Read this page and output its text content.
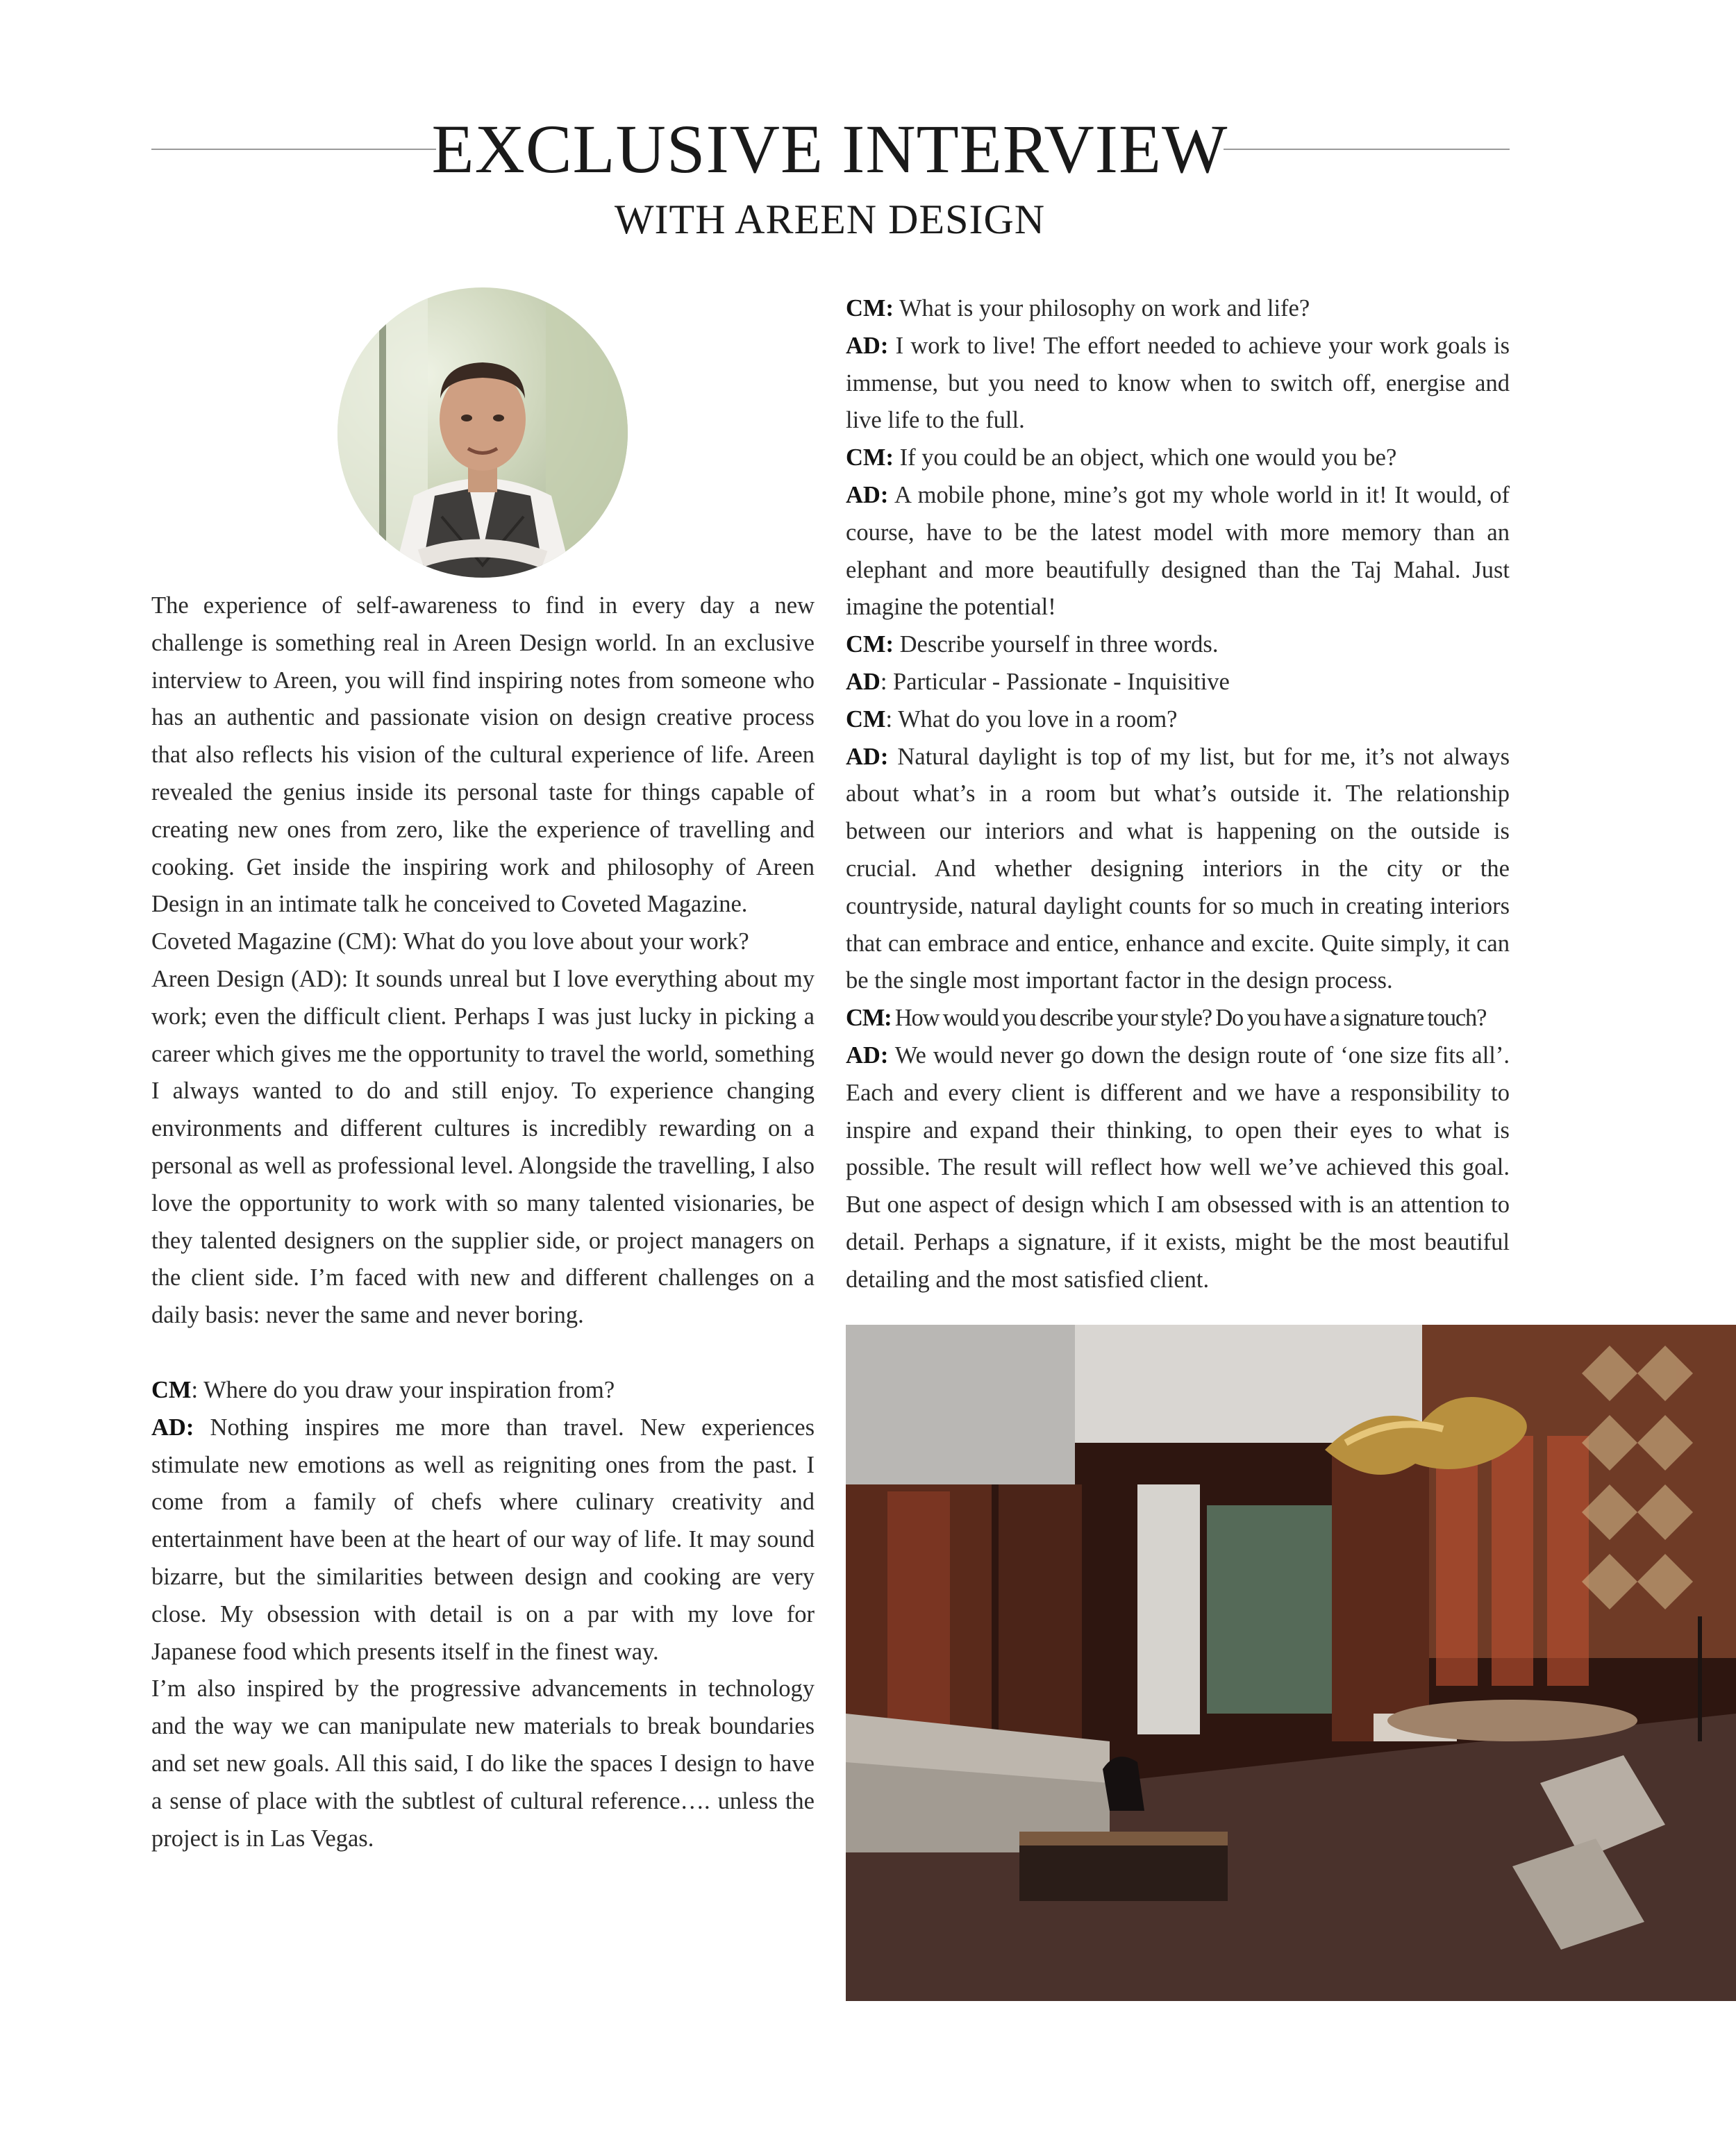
EXCLUSIVE INTERVIEW
WITH AREEN DESIGN

The experience of self-awareness to find in every day a new challenge is something real in Areen Design world. In an exclusive interview to Areen, you will find inspiring notes from someone who has an authentic and passionate vision on design creative process that also reflects his vision of the cultural experience of life. Areen revealed the genius inside its personal taste for things capable of creating new ones from zero, like the experience of travelling and cooking. Get inside the inspiring work and philosophy of Areen Design in an intimate talk he conceived to Coveted Magazine.

Coveted Magazine (CM): What do you love about your work?

Areen Design (AD): It sounds unreal but I love everything about my work; even the difficult client. Perhaps I was just lucky in picking a career which gives me the opportunity to travel the world, something I always wanted to do and still enjoy. To experience changing environments and different cultures is incredibly rewarding on a personal as well as professional level. Alongside the travelling, I also love the opportunity to work with so many talented visionaries, be they talented designers on the supplier side, or project managers on the client side. I’m faced with new and different challenges on a daily basis: never the same and never boring.

CM: Where do you draw your inspiration from?

AD: Nothing inspires me more than travel. New experiences stimulate new emotions as well as reigniting ones from the past. I come from a family of chefs where culinary creativity and entertainment have been at the heart of our way of life. It may sound bizarre, but the similarities between design and cooking are very close. My obsession with detail is on a par with my love for Japanese food which presents itself in the finest way.

I’m also inspired by the progressive advancements in technology and the way we can manipulate new materials to break boundaries and set new goals. All this said, I do like the spaces I design to have a sense of place with the subtlest of cultural reference…. unless the project is in Las Vegas.

CM: What is your philosophy on work and life?

AD: I work to live! The effort needed to achieve your work goals is immense, but you need to know when to switch off, energise and live life to the full.

CM: If you could be an object, which one would you be?

AD: A mobile phone, mine’s got my whole world in it! It would, of course, have to be the latest model with more memory than an elephant and more beautifully designed than the Taj Mahal. Just imagine the potential!

CM: Describe yourself in three words.

AD: Particular - Passionate - Inquisitive

CM: What do you love in a room?

AD: Natural daylight is top of my list, but for me, it’s not always about what’s in a room but what’s outside it. The relationship between our interiors and what is happening on the outside is crucial. And whether designing interiors in the city or the countryside, natural daylight counts for so much in creating interiors that can embrace and entice, enhance and excite. Quite simply, it can be the single most important factor in the design process.

CM: How would you describe your style? Do you have a signature touch?

AD: We would never go down the design route of ‘one size fits all’. Each and every client is different and we have a responsibility to inspire and expand their thinking, to open their eyes to what is possible. The result will reflect how well we’ve achieved this goal. But one aspect of design which I am obsessed with is an attention to detail. Perhaps a signature, if it exists, might be the most beautiful detailing and the most satisfied client.
